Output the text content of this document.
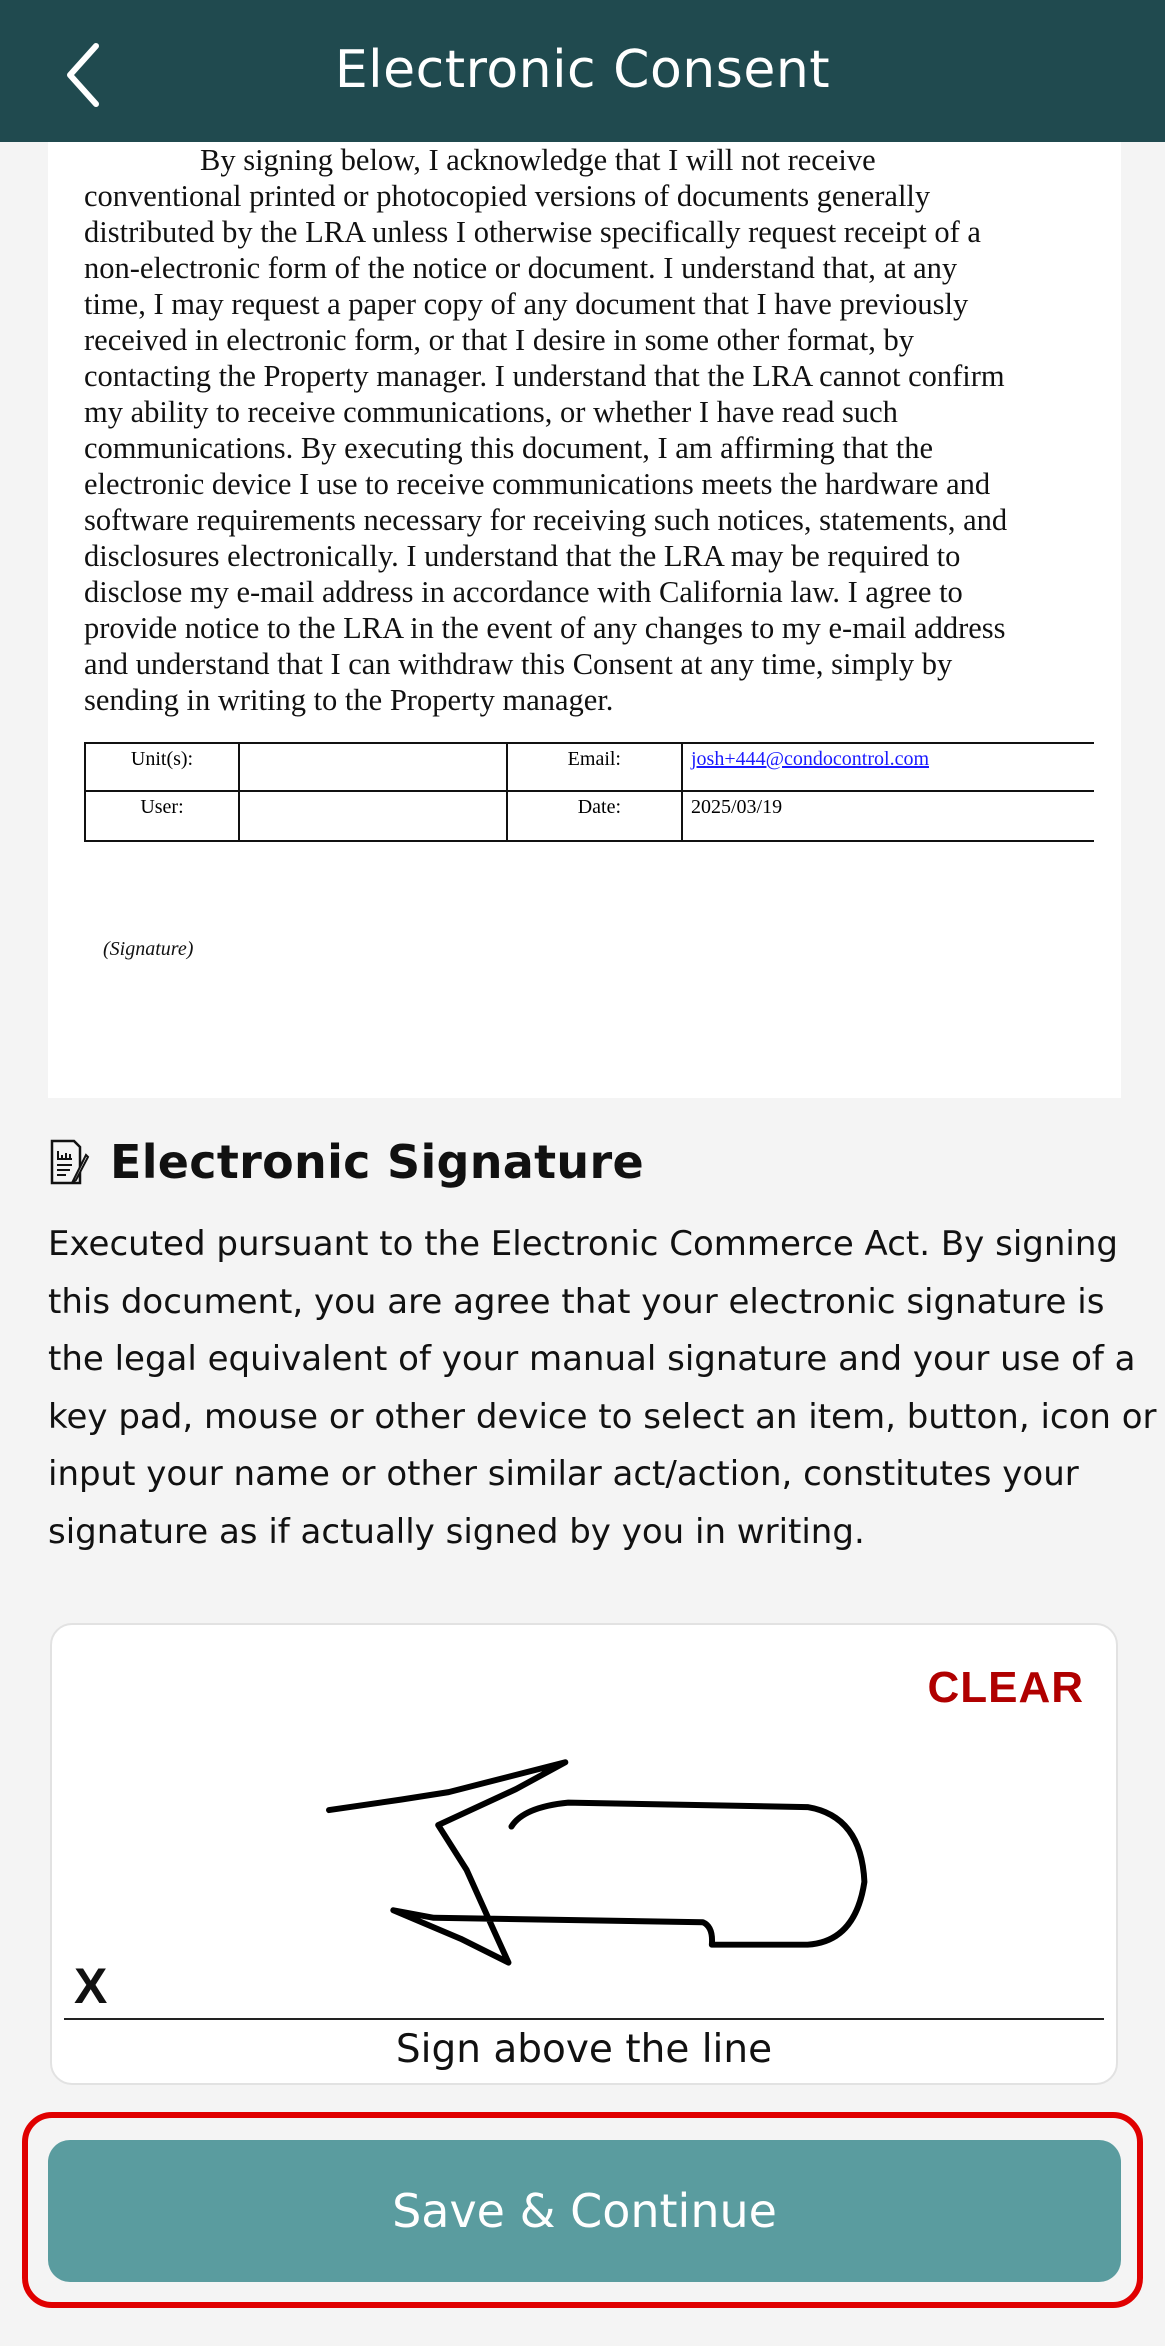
Electronic Consent
By signing below, I acknowledge that I will not receive
conventional printed or photocopied versions of documents generally
distributed by the LRA unless I otherwise specifically request receipt of a
non-electronic form of the notice or document. I understand that, at any
time, I may request a paper copy of any document that I have previously
received in electronic form, or that I desire in some other format, by
contacting the Property manager. I understand that the LRA cannot confirm
my ability to receive communications, or whether I have read such
communications. By executing this document, I am affirming that the
electronic device I use to receive communications meets the hardware and
software requirements necessary for receiving such notices, statements, and
disclosures electronically. I understand that the LRA may be required to
disclose my e-mail address in accordance with California law. I agree to
provide notice to the LRA in the event of any changes to my e-mail address
and understand that I can withdraw this Consent at any time, simply by
sending in writing to the Property manager.
Unit(s):		Email:	josh+444@condocontrol.com
User:		Date:	2025/03/19
(Signature)
Electronic Signature
Executed pursuant to the Electronic Commerce Act. By signing
this document, you are agree that your electronic signature is
the legal equivalent of your manual signature and your use of a
key pad, mouse or other device to select an item, button, icon or
input your name or other similar act/action, constitutes your
signature as if actually signed by you in writing.
CLEAR
X
Sign above the line
Save & Continue
